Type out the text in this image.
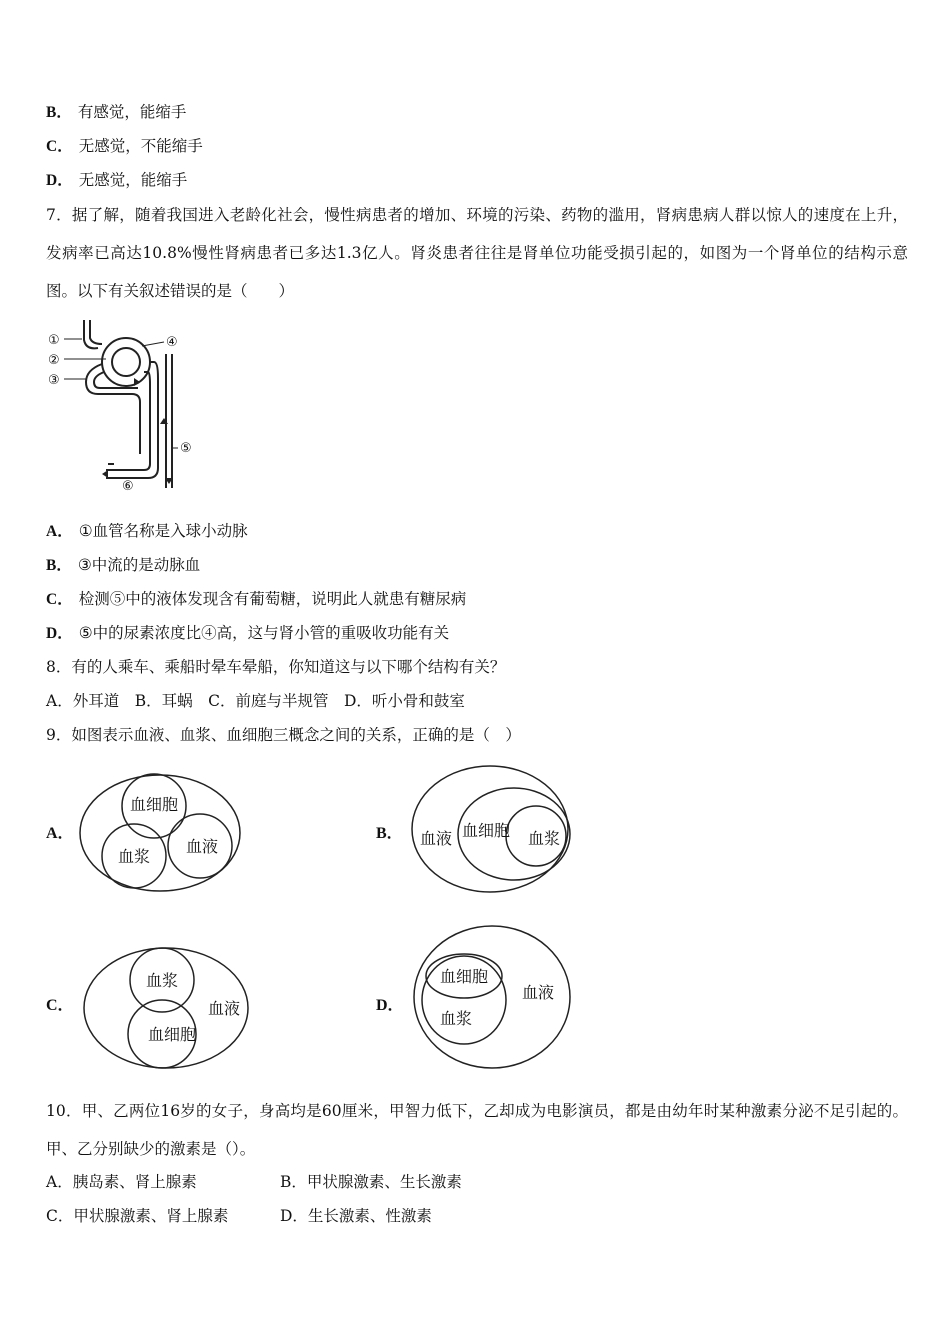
B． 有感觉，能缩手
C． 无感觉，不能缩手
D． 无感觉，能缩手
7．据了解，随着我国进入老龄化社会，慢性病患者的增加、环境的污染、药物的滥用，肾病患病人群以惊人的速度在上升，发病率已高达10.8%慢性肾病患者已多达1.3亿人。肾炎患者往往是肾单位功能受损引起的，如图为一个肾单位的结构示意图。以下有关叙述错误的是（　　）
①
②
③
④
⑤
⑥
A． ①血管名称是入球小动脉
B． ③中流的是动脉血
C． 检测⑤中的液体发现含有葡萄糖，说明此人就患有糖尿病
D． ⑤中的尿素浓度比④高，这与肾小管的重吸收功能有关
8．有的人乘车、乘船时晕车晕船，你知道这与以下哪个结构有关？
A．外耳道　B．耳蜗　C．前庭与半规管　D．听小骨和鼓室
9．如图表示血液、血浆、血细胞三概念之间的关系，正确的是（　）
A．
血细胞
血浆
血液
B． 血液 血细胞 血浆
C．
血浆
血细胞
血液	D．
血细胞
血浆
血液
10．甲、乙两位16岁的女子，身高均是60厘米，甲智力低下，乙却成为电影演员，都是由幼年时某种激素分泌不足引起的。甲、乙分别缺少的激素是（）。
A．胰岛素、肾上腺素	B．甲状腺激素、生长激素
C．甲状腺激素、肾上腺素	D．生长激素、性激素
